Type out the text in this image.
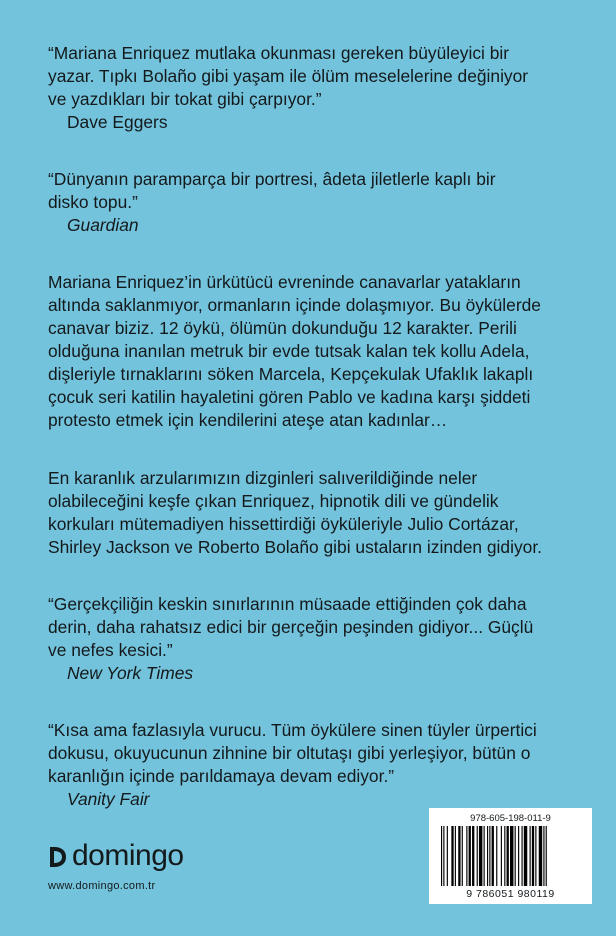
“Mariana Enriquez mutlaka okunması gereken büyüleyici bir
yazar. Tıpkı Bolaño gibi yaşam ile ölüm meselelerine değiniyor
ve yazdıkları bir tokat gibi çarpıyor.”
Dave Eggers
“Dünyanın paramparça bir portresi, âdeta jiletlerle kaplı bir
disko topu.”
Guardian
Mariana Enriquez’in ürkütücü evreninde canavarlar yatakların
altında saklanmıyor, ormanların içinde dolaşmıyor. Bu öykülerde
canavar biziz. 12 öykü, ölümün dokunduğu 12 karakter. Perili
olduğuna inanılan metruk bir evde tutsak kalan tek kollu Adela,
dişleriyle tırnaklarını söken Marcela, Kepçekulak Ufaklık lakaplı
çocuk seri katilin hayaletini gören Pablo ve kadına karşı şiddeti
protesto etmek için kendilerini ateşe atan kadınlar…
En karanlık arzularımızın dizginleri salıverildiğinde neler
olabileceğini keşfe çıkan Enriquez, hipnotik dili ve gündelik
korkuları mütemadiyen hissettirdiği öyküleriyle Julio Cortázar,
Shirley Jackson ve Roberto Bolaño gibi ustaların izinden gidiyor.
“Gerçekçiliğin keskin sınırlarının müsaade ettiğinden çok daha
derin, daha rahatsız edici bir gerçeğin peşinden gidiyor... Güçlü
ve nefes kesici.”
New York Times
“Kısa ama fazlasıyla vurucu. Tüm öykülere sinen tüyler ürpertici
dokusu, okuyucunun zihnine bir oltutaşı gibi yerleşiyor, bütün o
karanlığın içinde parıldamaya devam ediyor.”
Vanity Fair
domingo
www.domingo.com.tr
978-605-198-011-9
9 786051 980119
